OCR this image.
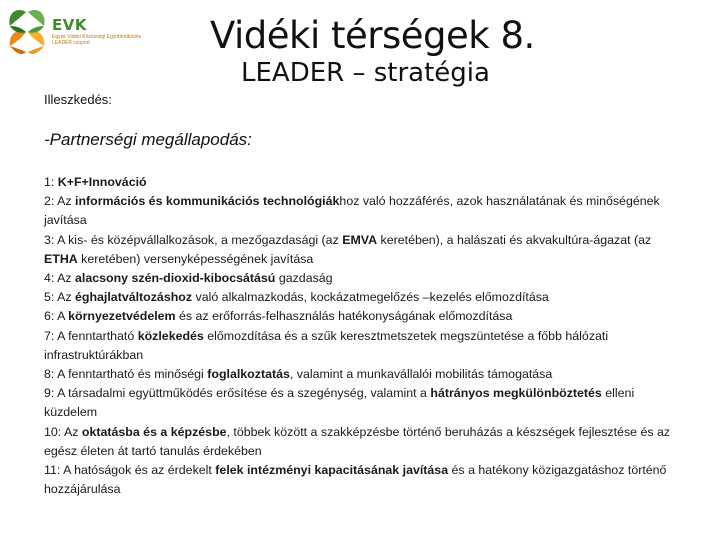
EVK
Egyek Vidéki Közösségi Együttműködés LEADER csoport	Vidéki térségek 8.
LEADER – stratégia
Illeszkedés:
-Partnerségi megállapodás:

1: K+F+Innováció

2: Az információs és kommunikációs technológiákhoz való hozzáférés, azok használatának és minőségének javítása

3: A kis- és középvállalkozások, a mezőgazdasági (az EMVA keretében), a halászati és akvakultúra-ágazat (az ETHA keretében) versenyképességének javítása

4: Az alacsony szén-dioxid-kibocsátású gazdaság

5: Az éghajlatváltozáshoz való alkalmazkodás, kockázatmegelőzés –kezelés előmozdítása

6: A környezetvédelem és az erőforrás-felhasználás hatékonyságának előmozdítása

7: A fenntartható közlekedés előmozdítása és a szűk keresztmetszetek megszüntetése a főbb hálózati infrastruktúrákban

8: A fenntartható és minőségi foglalkoztatás, valamint a munkavállalói mobilitás támogatása

9: A társadalmi együttműködés erősítése és a szegénység, valamint a hátrányos megkülönböztetés elleni küzdelem

10: Az oktatásba és a képzésbe, többek között a szakképzésbe történő beruházás a készségek fejlesztése és az egész életen át tartó tanulás érdekében

11: A hatóságok és az érdekelt felek intézményi kapacitásának javítása és a hatékony közigazgatáshoz történő hozzájárulása
